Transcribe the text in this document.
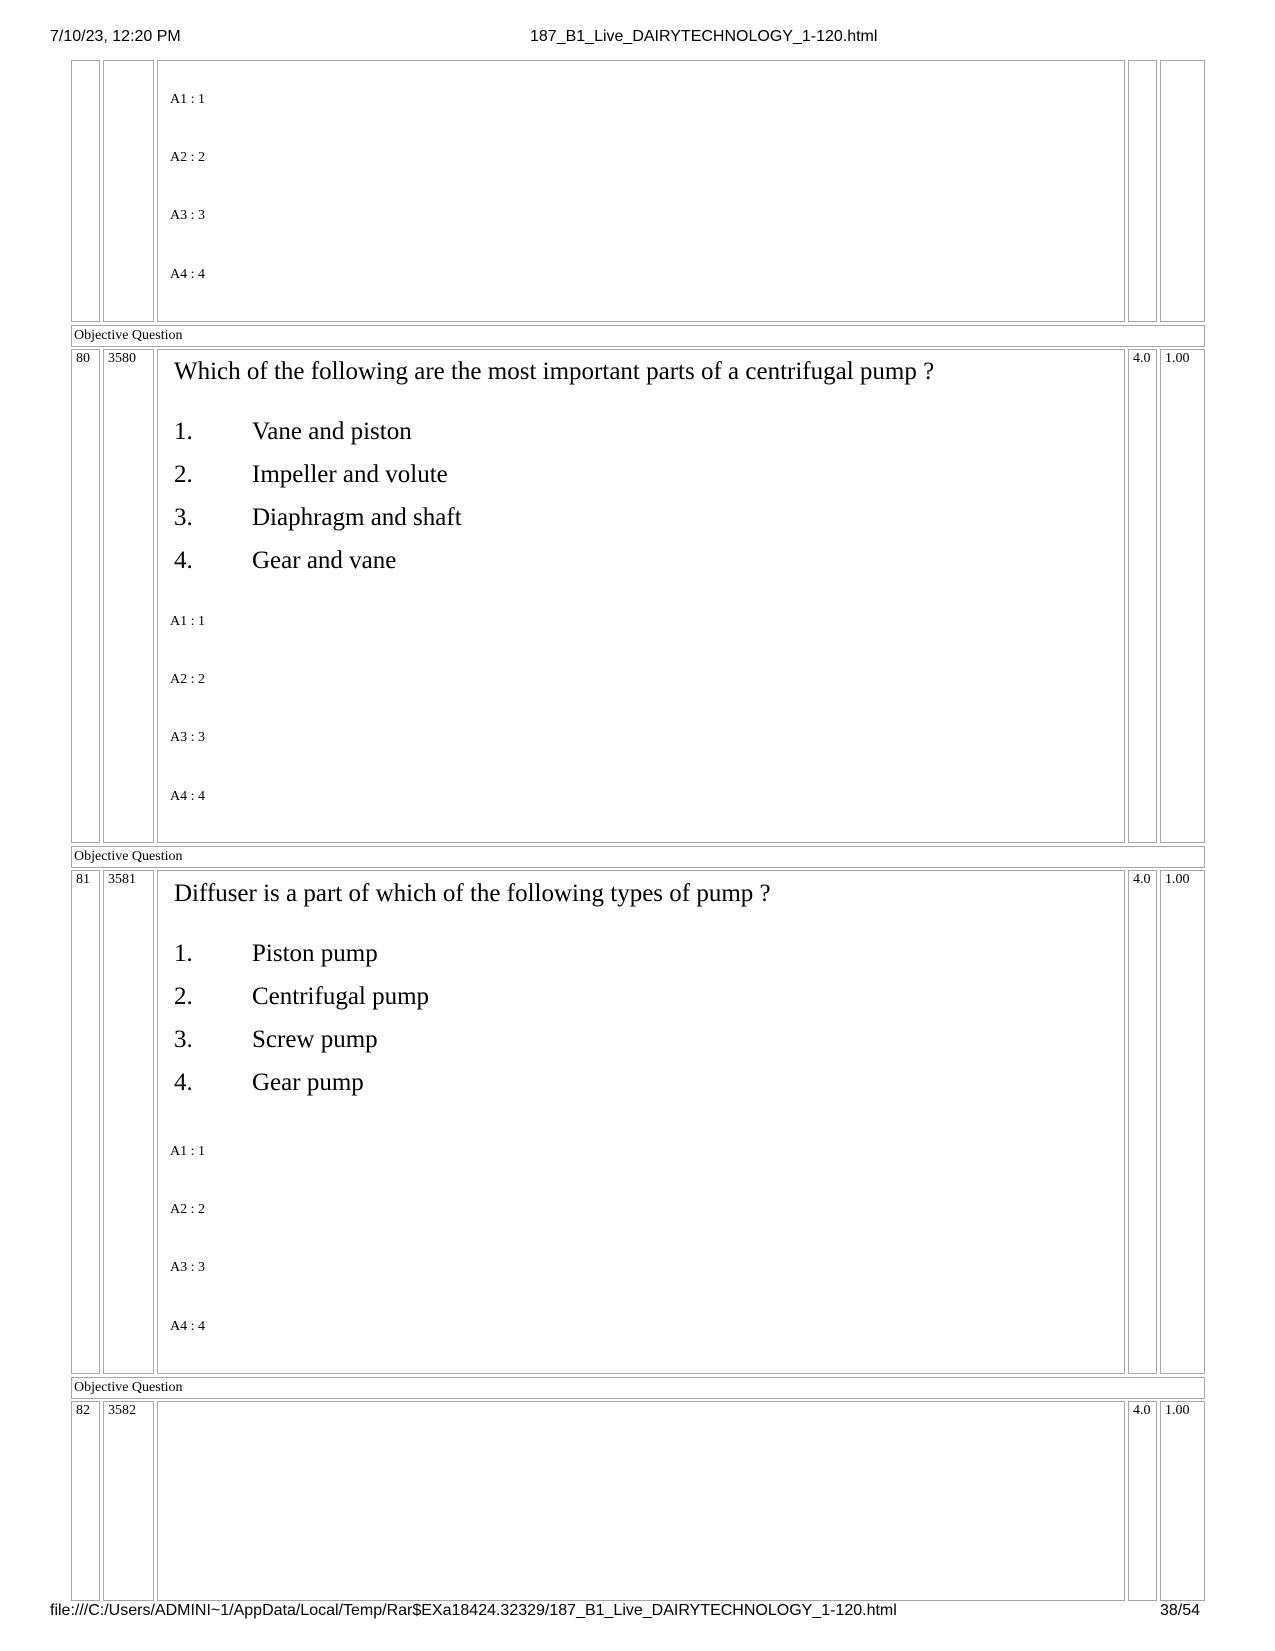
7/10/23, 12:20 PM	187_B1_Live_DAIRYTECHNOLOGY_1-120.html
file:///C:/Users/ADMINI~1/AppData/Local/Temp/Rar$EXa18424.32329/187_B1_Live_DAIRYTECHNOLOGY_1-120.html	38/54
A1 : 1
A2 : 2
A3 : 3
A4 : 4
Objective Question
80	3580	4.0	1.00
Which of the following are the most important parts of a centrifugal pump ?
1. Vane and piston
2. Impeller and volute
3. Diaphragm and shaft
4. Gear and vane
A1 : 1
A2 : 2
A3 : 3
A4 : 4
Objective Question
81	3581	4.0	1.00
Diffuser is a part of which of the following types of pump ?
1. Piston pump
2. Centrifugal pump
3. Screw pump
4. Gear pump
A1 : 1
A2 : 2
A3 : 3
A4 : 4
Objective Question
82	3582	4.0	1.00
